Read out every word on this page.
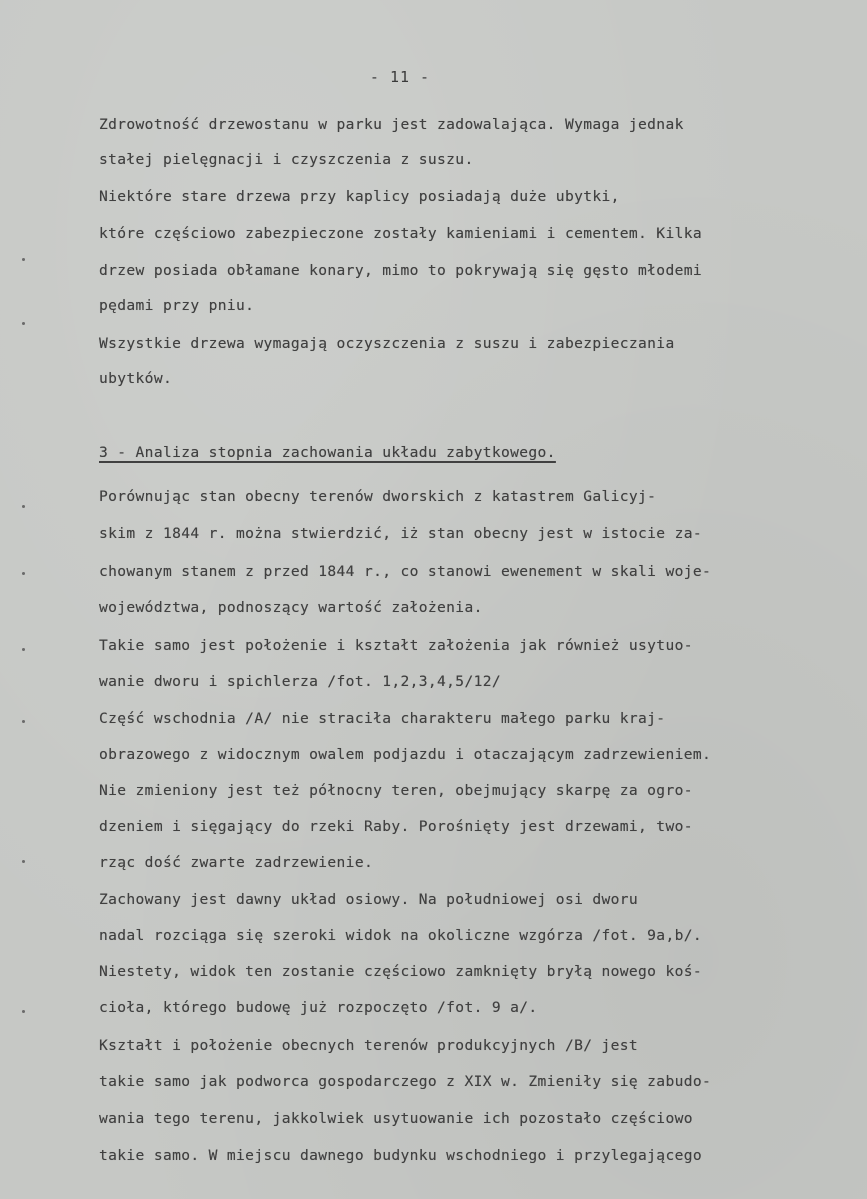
- 11 -
Zdrowotność drzewostanu w parku jest zadowalająca. Wymaga jednak
stałej pielęgnacji i czyszczenia z suszu.
Niektóre stare drzewa przy kaplicy posiadają duże ubytki,
które częściowo zabezpieczone zostały kamieniami i cementem. Kilka
drzew posiada obłamane konary, mimo to pokrywają się gęsto młodemi
pędami przy pniu.
Wszystkie drzewa wymagają oczyszczenia z suszu i zabezpieczania
ubytków.
3 - Analiza stopnia zachowania układu zabytkowego.
Porównując stan obecny terenów dworskich z katastrem Galicyj-
skim z 1844 r. można stwierdzić, iż stan obecny jest w istocie za-
chowanym stanem z przed 1844 r., co stanowi ewenement w skali woje-
województwa, podnoszący wartość założenia.
Takie samo jest położenie i kształt założenia jak również usytuo-
wanie dworu i spichlerza /fot. 1,2,3,4,5/12/
Część wschodnia /A/ nie straciła charakteru małego parku kraj-
obrazowego z widocznym owalem podjazdu i otaczającym zadrzewieniem.
Nie zmieniony jest też północny teren, obejmujący skarpę za ogro-
dzeniem i sięgający do rzeki Raby. Porośnięty jest drzewami, two-
rząc dość zwarte zadrzewienie.
Zachowany jest dawny układ osiowy. Na południowej osi dworu
nadal rozciąga się szeroki widok na okoliczne wzgórza /fot. 9a,b/.
Niestety, widok ten zostanie częściowo zamknięty bryłą nowego koś-
cioła, którego budowę już rozpoczęto /fot. 9 a/.
Kształt i położenie obecnych terenów produkcyjnych /B/ jest
takie samo jak podworca gospodarczego z XIX w. Zmieniły się zabudo-
wania tego terenu, jakkolwiek usytuowanie ich pozostało częściowo
takie samo. W miejscu dawnego budynku wschodniego i przylegającego
